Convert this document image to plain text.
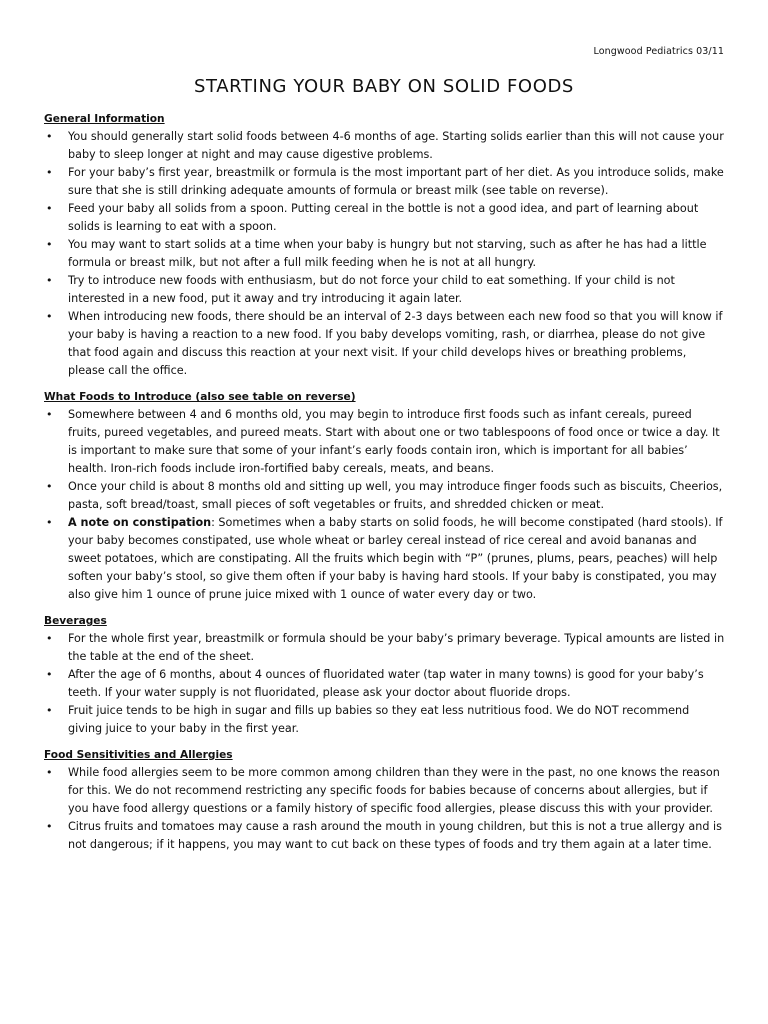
Longwood Pediatrics 03/11
STARTING YOUR BABY ON SOLID FOODS
General Information
• You should generally start solid foods between 4-6 months of age. Starting solids earlier than this will not cause your baby to sleep longer at night and may cause digestive problems.
• For your baby’s first year, breastmilk or formula is the most important part of her diet. As you introduce solids, make sure that she is still drinking adequate amounts of formula or breast milk (see table on reverse).
• Feed your baby all solids from a spoon. Putting cereal in the bottle is not a good idea, and part of learning about solids is learning to eat with a spoon.
• You may want to start solids at a time when your baby is hungry but not starving, such as after he has had a little formula or breast milk, but not after a full milk feeding when he is not at all hungry.
• Try to introduce new foods with enthusiasm, but do not force your child to eat something. If your child is not interested in a new food, put it away and try introducing it again later.
• When introducing new foods, there should be an interval of 2-3 days between each new food so that you will know if your baby is having a reaction to a new food. If you baby develops vomiting, rash, or diarrhea, please do not give that food again and discuss this reaction at your next visit. If your child develops hives or breathing problems, please call the office.
What Foods to Introduce (also see table on reverse)
• Somewhere between 4 and 6 months old, you may begin to introduce first foods such as infant cereals, pureed fruits, pureed vegetables, and pureed meats. Start with about one or two tablespoons of food once or twice a day. It is important to make sure that some of your infant’s early foods contain iron, which is important for all babies’ health. Iron-rich foods include iron-fortified baby cereals, meats, and beans.
• Once your child is about 8 months old and sitting up well, you may introduce finger foods such as biscuits, Cheerios, pasta, soft bread/toast, small pieces of soft vegetables or fruits, and shredded chicken or meat.
• A note on constipation: Sometimes when a baby starts on solid foods, he will become constipated (hard stools). If your baby becomes constipated, use whole wheat or barley cereal instead of rice cereal and avoid bananas and sweet potatoes, which are constipating. All the fruits which begin with “P” (prunes, plums, pears, peaches) will help soften your baby’s stool, so give them often if your baby is having hard stools. If your baby is constipated, you may also give him 1 ounce of prune juice mixed with 1 ounce of water every day or two.
Beverages
• For the whole first year, breastmilk or formula should be your baby’s primary beverage. Typical amounts are listed in the table at the end of the sheet.
• After the age of 6 months, about 4 ounces of fluoridated water (tap water in many towns) is good for your baby’s teeth. If your water supply is not fluoridated, please ask your doctor about fluoride drops.
• Fruit juice tends to be high in sugar and fills up babies so they eat less nutritious food. We do NOT recommend giving juice to your baby in the first year.
Food Sensitivities and Allergies
• While food allergies seem to be more common among children than they were in the past, no one knows the reason for this. We do not recommend restricting any specific foods for babies because of concerns about allergies, but if you have food allergy questions or a family history of specific food allergies, please discuss this with your provider.
• Citrus fruits and tomatoes may cause a rash around the mouth in young children, but this is not a true allergy and is not dangerous; if it happens, you may want to cut back on these types of foods and try them again at a later time.
